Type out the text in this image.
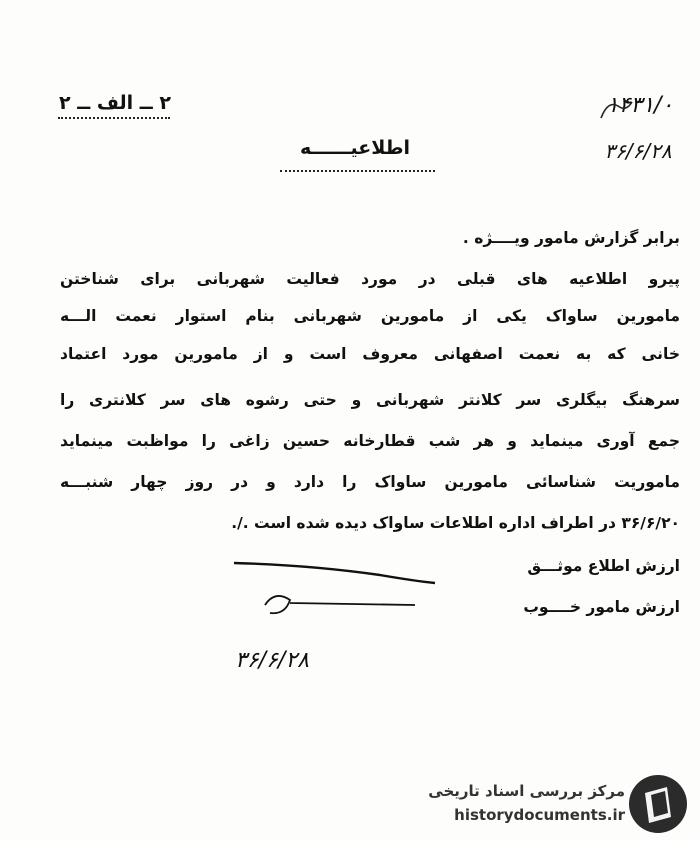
۲ ــ الف ــ ۲	۱۴۳۱/۰
۳۶/۶/۲۸
اطلاعیــــــه
برابر گزارش مامور ویــــژه .
پیرو اطلاعیه های قبلی در مورد فعالیت شهربانی برای شناختن
مامورین ساواک یکی از مامورین شهربانی بنام استوار نعمت الـــه
خانی که به نعمت اصفهانی معروف است و از مامورین مورد اعتماد
سرهنگ بیگلری سر کلانتر شهربانی و حتی رشوه های سر کلانتری را
جمع آوری مینماید و هر شب قطارخانه حسین زاغی را مواظبت مینماید
ماموریت شناسائی مامورین ساواک را دارد و در روز چهار شنبـــه
۳۶/۶/۲۰ در اطراف اداره اطلاعات ساواک دیده شده است ./.
ارزش اطلاع موثـــق
ارزش مامور خــــوب
۳۶/۶/۲۸
مرکز بررسی اسناد تاریخی
historydocuments.ir
